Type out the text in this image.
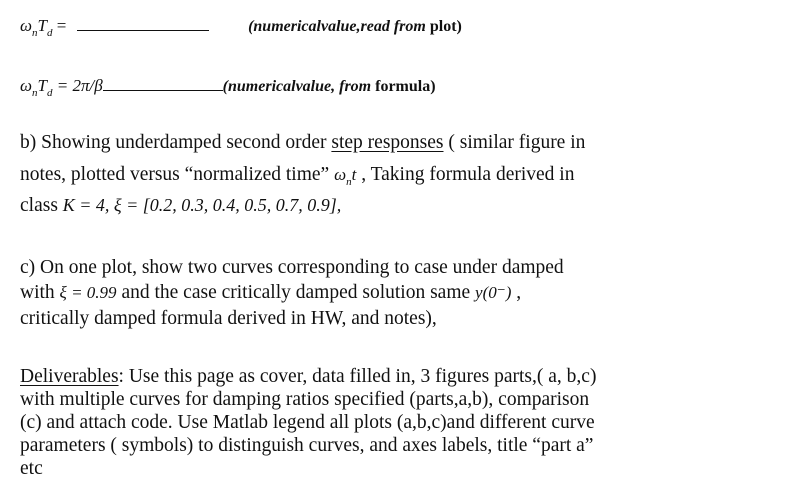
$\omega_nT_d$ =	(numericalvalue,read from plot)
$\omega_nT_d = 2\pi/\beta$	(numericalvalue, from formula)
b) Showing underdamped second order step responses ( similar figure in
notes, plotted versus “normalized time” $\omega_nt$ , Taking formula derived in
class K = 4, ξ = [0.2, 0.3, 0.4, 0.5, 0.7, 0.9],
c) On one plot, show two curves corresponding to case under damped
with ξ = 0.99 and the case critically damped solution same y(0⁻) ,
critically damped formula derived in HW, and notes),
Deliverables: Use this page as cover, data filled in, 3 figures parts,( a, b,c)
with multiple curves for damping ratios specified (parts,a,b), comparison
(c) and attach code. Use Matlab legend all plots (a,b,c)and different curve
parameters ( symbols) to distinguish curves, and axes labels, title “part a”
etc
